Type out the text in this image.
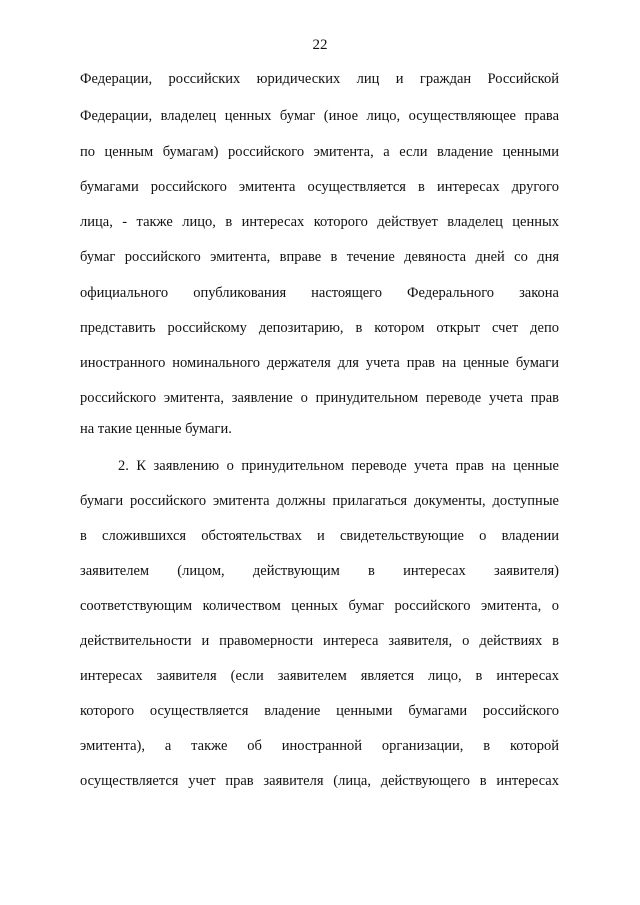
22
Федерации, российских юридических лиц и граждан Российской
Федерации, владелец ценных бумаг (иное лицо, осуществляющее права
по ценным бумагам) российского эмитента, а если владение ценными
бумагами российского эмитента осуществляется в интересах другого
лица, - также лицо, в интересах которого действует владелец ценных
бумаг российского эмитента, вправе в течение девяноста дней со дня
официального опубликования настоящего Федерального закона
представить российскому депозитарию, в котором открыт счет депо
иностранного номинального держателя для учета прав на ценные бумаги
российского эмитента, заявление о принудительном переводе учета прав
на такие ценные бумаги.
2. К заявлению о принудительном переводе учета прав на ценные
бумаги российского эмитента должны прилагаться документы, доступные
в сложившихся обстоятельствах и свидетельствующие о владении
заявителем (лицом, действующим в интересах заявителя)
соответствующим количеством ценных бумаг российского эмитента, о
действительности и правомерности интереса заявителя, о действиях в
интересах заявителя (если заявителем является лицо, в интересах
которого осуществляется владение ценными бумагами российского
эмитента), а также об иностранной организации, в которой
осуществляется учет прав заявителя (лица, действующего в интересах
